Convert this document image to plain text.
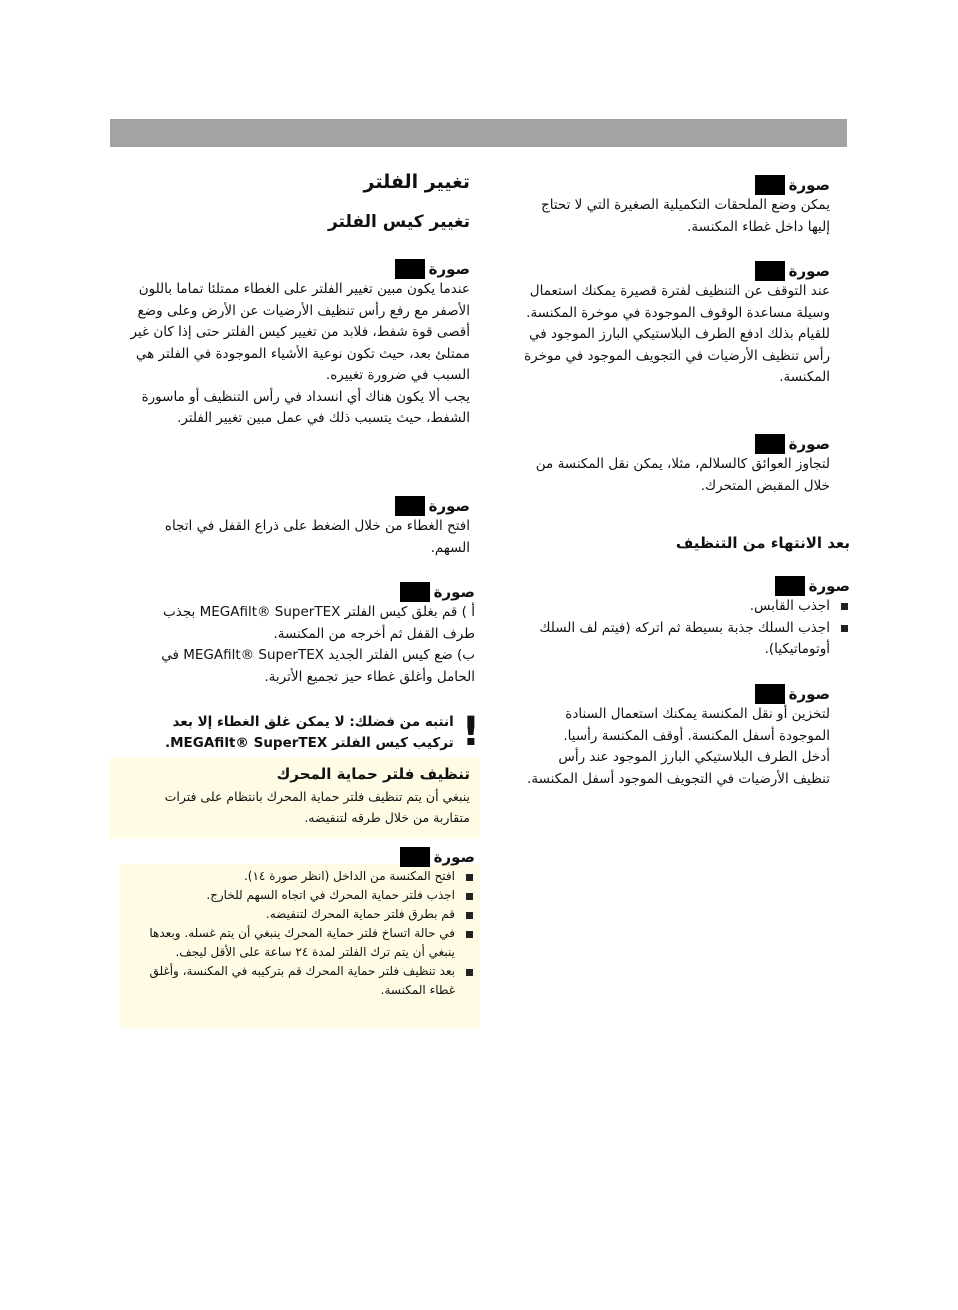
صورة

يمكن وضع الملحقات التكميلية الصغيرة التي لا تحتاج إليها داخل غطاء المكنسة.

صورة

عند التوقف عن التنظيف لفترة قصيرة يمكنك استعمال وسيلة مساعدة الوقوف الموجودة في موخرة المكنسة.

للقيام بذلك ادفع الطرف البلاستيكي البارز الموجود في رأس تنظيف الأرضيات في التجويف الموجود في موخرة المكنسة.

صورة

لتجاوز العوائق كالسلالم، مثلا، يمكن نقل المكنسة من خلال المقبض المتحرك.

بعد الانتهاء من التنظيف
صورة
اجذب القابس.
اجذب السلك جذبة بسيطة ثم اتركه (فيتم لف السلك أوتوماتيكيا).
صورة

لتخزين أو نقل المكنسة يمكنك استعمال السنادة الموجودة أسفل المكنسة. أوقف المكنسة رأسيا.

أدخل الطرف البلاستيكي البارز الموجود عند رأس تنظيف الأرضيات في التجويف الموجود أسفل المكنسة.

تغيير الفلتر
تغيير كيس الفلتر
صورة

عندما يكون مبين تغيير الفلتر على الغطاء ممتلئا تماما باللون الأصفر مع رفع رأس تنظيف الأرضيات عن الأرض وعلى وضع أقصى قوة شفط، فلابد من تغيير كيس الفلتر حتى إذا كان غير ممتلئ بعد، حيث تكون نوعية الأشياء الموجودة في الفلتر هي السبب في ضرورة تغييره.

يجب ألا يكون هناك أي انسداد في رأس التنظيف أو ماسورة الشفط، حيث يتسبب ذلك في عمل مبين تغيير الفلتر.

صورة

افتح الغطاء من خلال الضغط على ذراع القفل في اتجاه السهم.

صورة

أ ) قم بغلق كيس الفلتر MEGAfilt® SuperTEX بجذب طرف القفل ثم أخرجه من المكنسة.

ب) ضع كيس الفلتر الجديد MEGAfilt® SuperTEX في الحامل وأغلق غطاء حيز تجميع الأتربة.

!
انتبه من فضلك: لا يمكن غلق الغطاء إلا بعد تركيب كيس الفلتر MEGAfilt® SuperTEX.
تنظيف فلتر حماية المحرك

ينبغي أن يتم تنظيف فلتر حماية المحرك بانتظام على فترات متقاربة من خلال طرقه لتنفيضه.

صورة
افتح المكنسة من الداخل (انظر صورة ١٤).
اجذب فلتر حماية المحرك في اتجاه السهم للخارج.
قم بطرق فلتر حماية المحرك لتنفيضه.
في حالة اتساخ فلتر حماية المحرك ينبغي أن يتم غسله. وبعدها ينبغي أن يتم ترك الفلتر لمدة ٢٤ ساعة على الأقل ليجف.
بعد تنظيف فلتر حماية المحرك قم بتركيبه في المكنسة، وأغلق غطاء المكنسة.
